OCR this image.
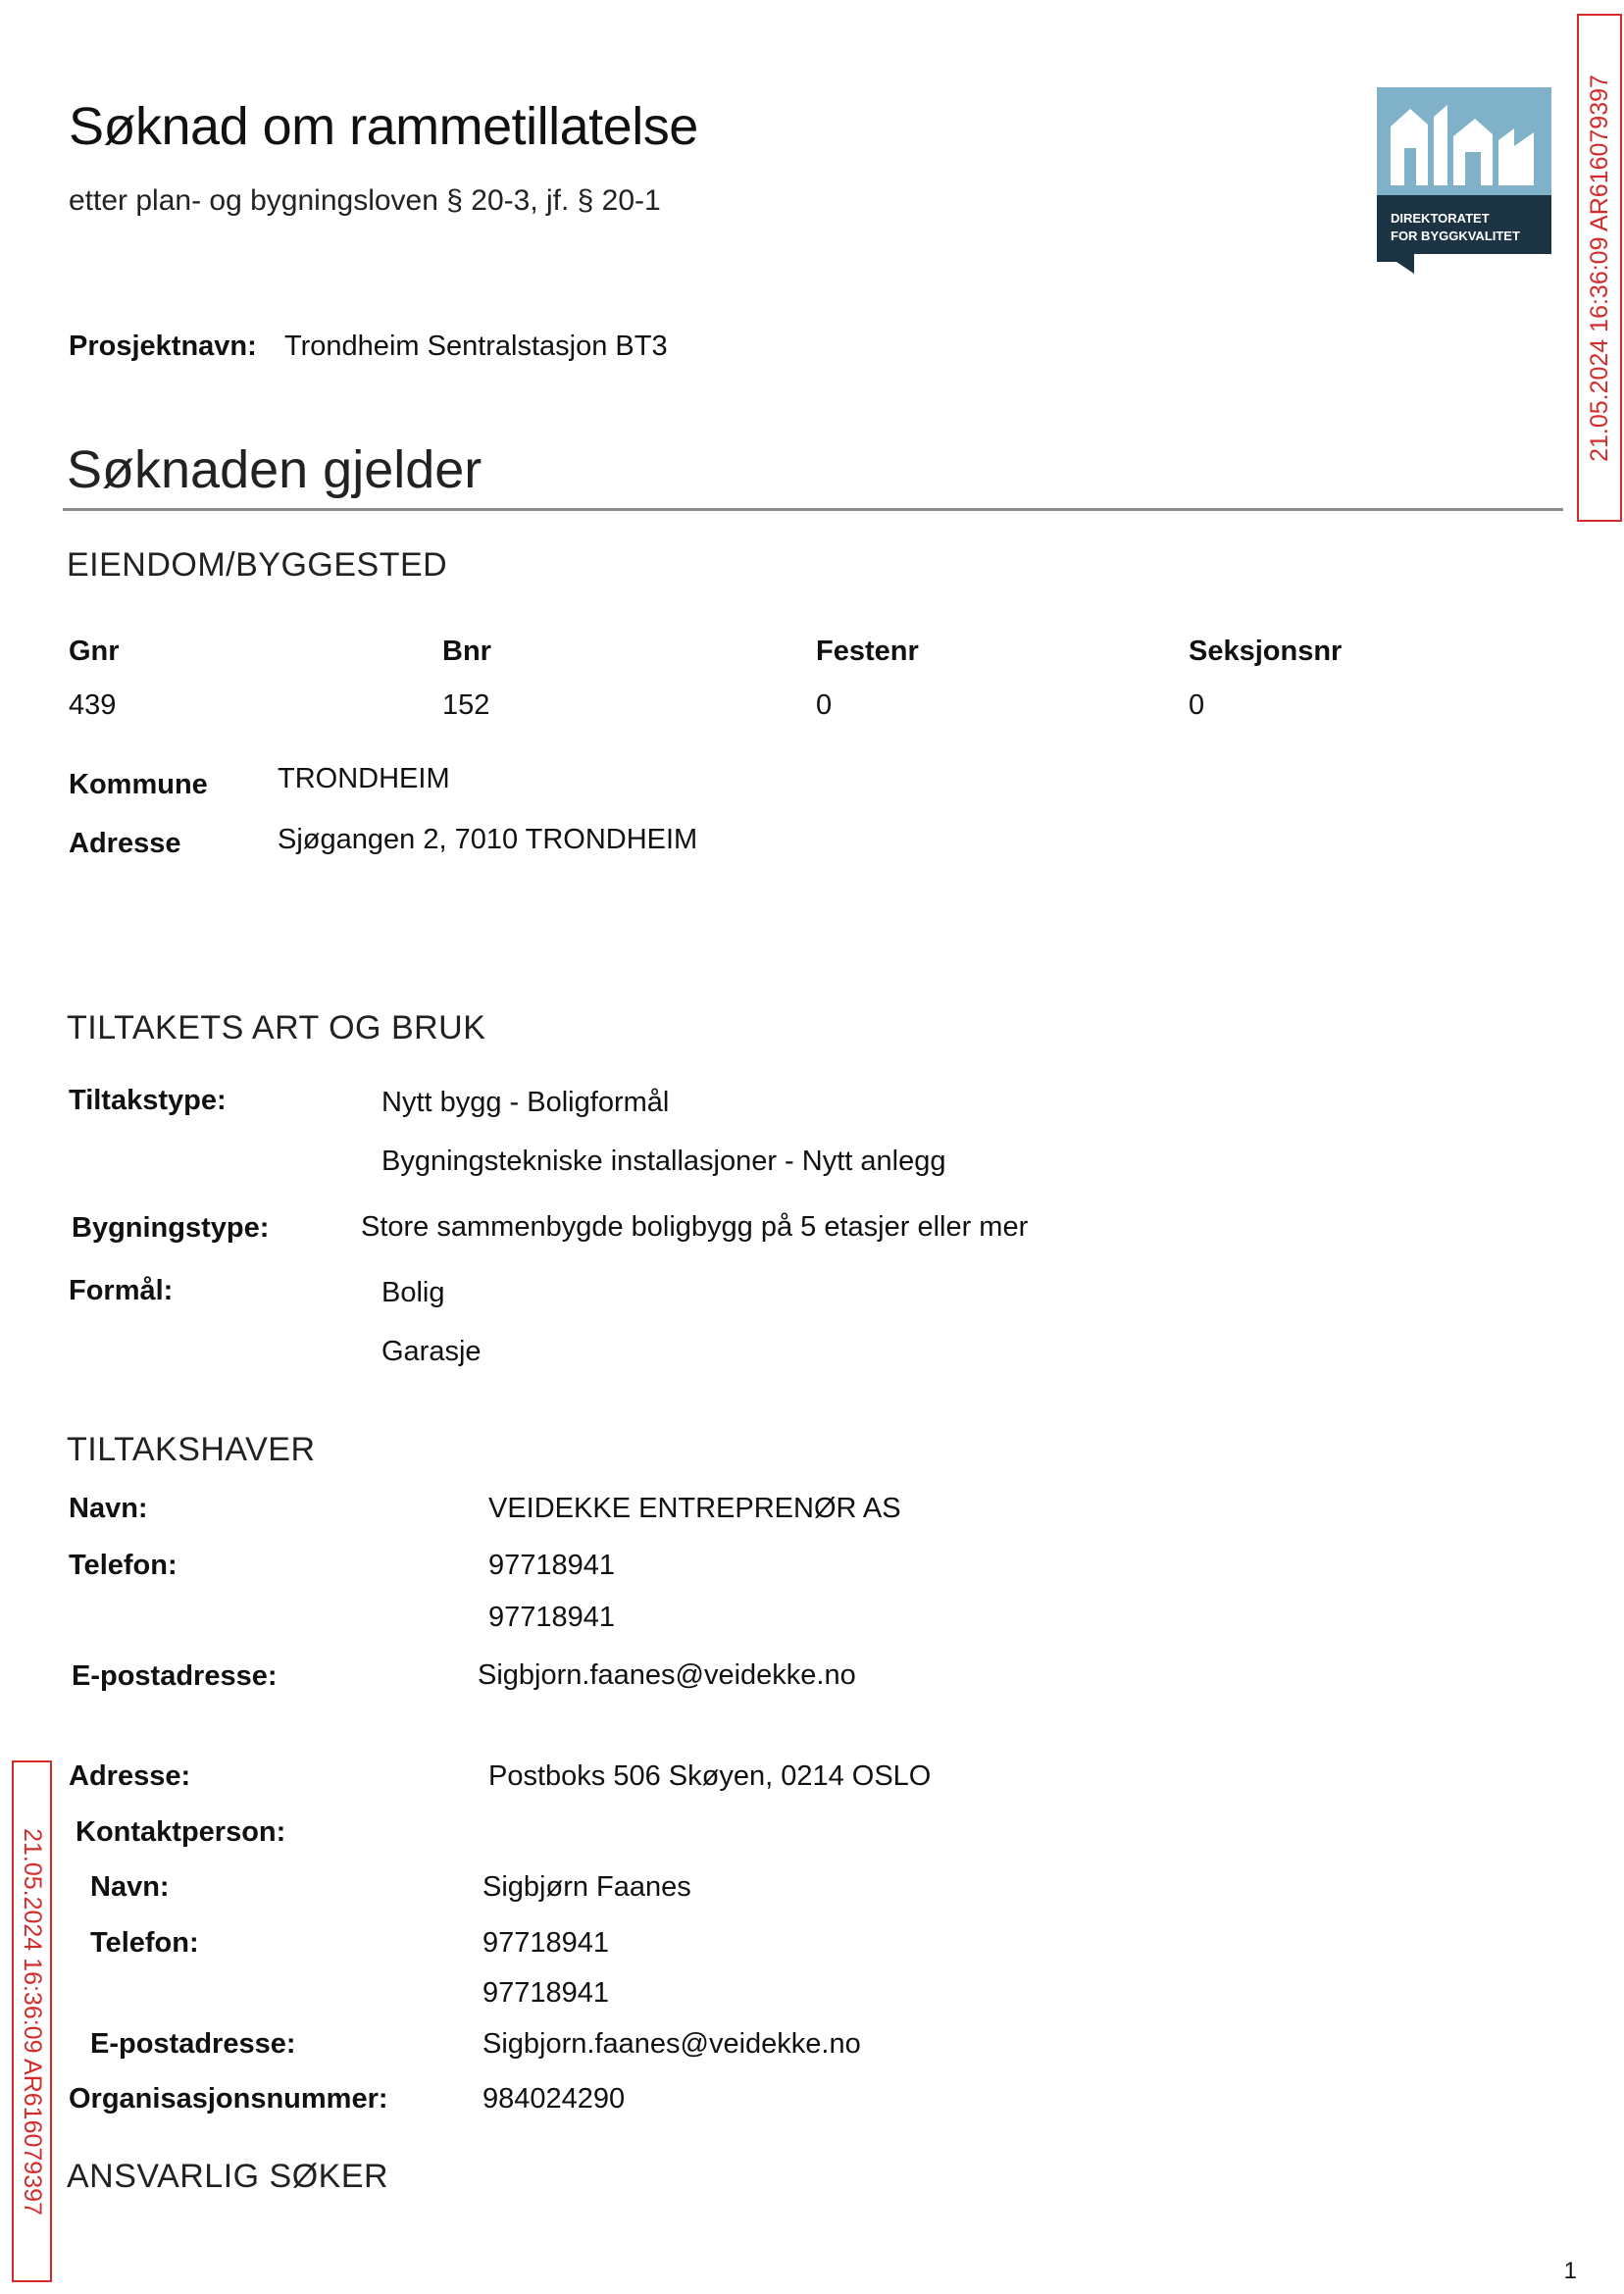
Søknad om rammetillatelse
etter plan- og bygningsloven § 20-3, jf. § 20-1
DIREKTORATET
FOR BYGGKVALITET	21.05.2024 16:36:09 AR616079397
21.05.2024 16:36:09 AR616079397
Prosjektnavn: Trondheim Sentralstasjon BT3
Søknaden gjelder
EIENDOM/BYGGESTED
Gnr	Bnr	Festenr	Seksjonsnr
439	152	0	0
Kommune TRONDHEIM
Adresse	Sjøgangen 2, 7010 TRONDHEIM
TILTAKETS ART OG BRUK
Tiltakstype:	Nytt bygg - Boligformål
Bygningstekniske installasjoner - Nytt anlegg
Bygningstype:	Store sammenbygde boligbygg på 5 etasjer eller mer
Formål:	Bolig
Garasje
TILTAKSHAVER
Navn:	VEIDEKKE ENTREPRENØR AS
Telefon:	97718941
97718941
E-postadresse:	Sigbjorn.faanes@veidekke.no
Adresse:	Postboks 506 Skøyen, 0214 OSLO
Kontaktperson:
Navn:	Sigbjørn Faanes
Telefon:	97718941
97718941
E-postadresse:	Sigbjorn.faanes@veidekke.no
Organisasjonsnummer:	984024290
ANSVARLIG SØKER
1
